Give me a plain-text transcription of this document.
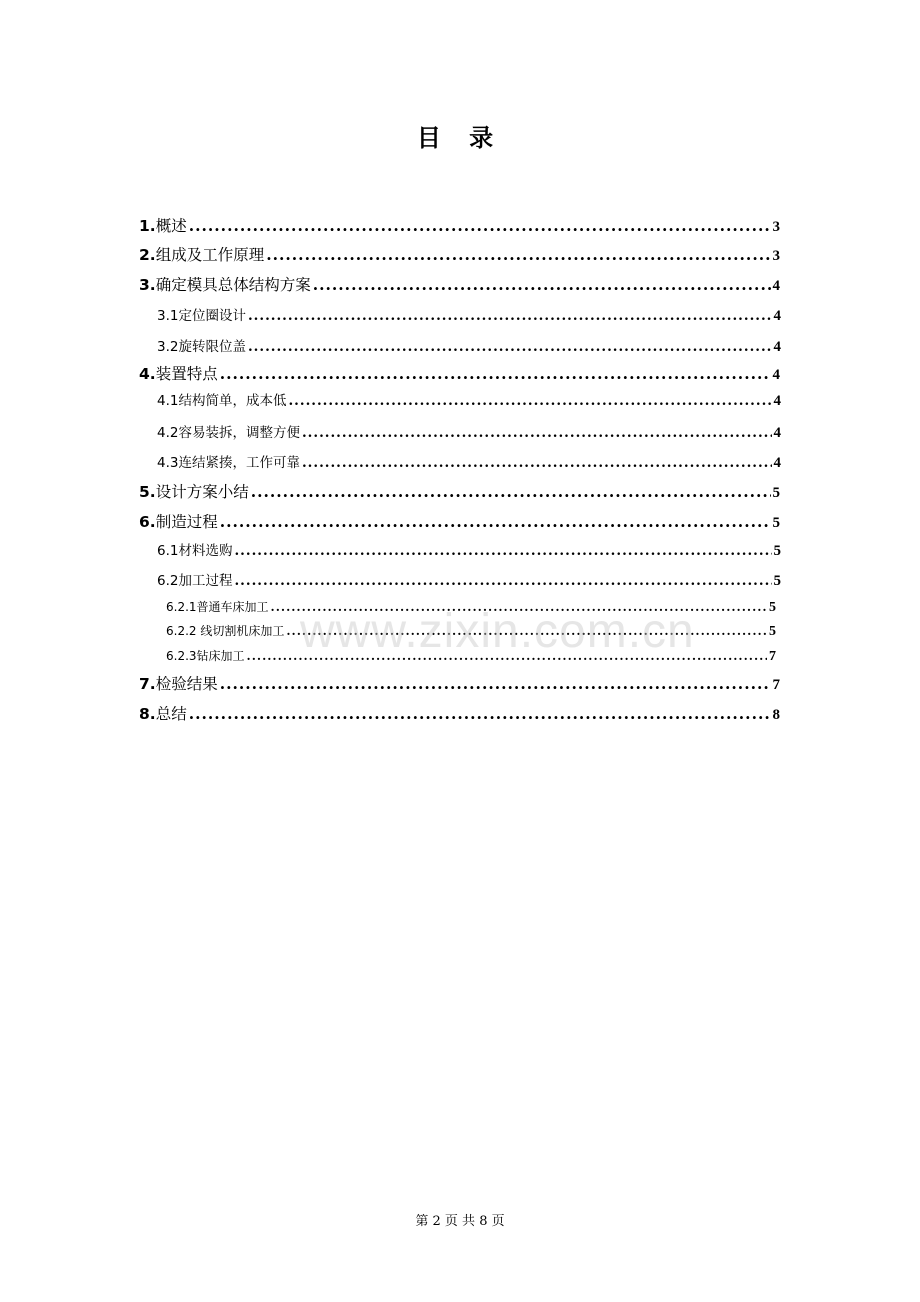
目 录
1. 概述 .....	3
2. 组成及工作原理 .....	3
3. 确定模具总体结构方案 .....	4
3.1定位圈设计 .....	4
3.2旋转限位盖 .....	4
4. 装置特点 .....	4
4.1结构简单，成本低 .....	4
4.2容易装拆，调整方便 .....	4
4.3连结紧揍，工作可靠 .....	4
5. 设计方案小结 .....	5
6. 制造过程 .....	5
6.1材料选购 .....	5
6.2加工过程 .....	5
6.2.1普通车床加工 .....	5
6.2.2 线切割机床加工 .....	5
6.2.3钻床加工 .....	7
7. 检验结果 .....	7
8. 总结 .....	8
www.zixin.com.cn
第 2 页 共 8 页
